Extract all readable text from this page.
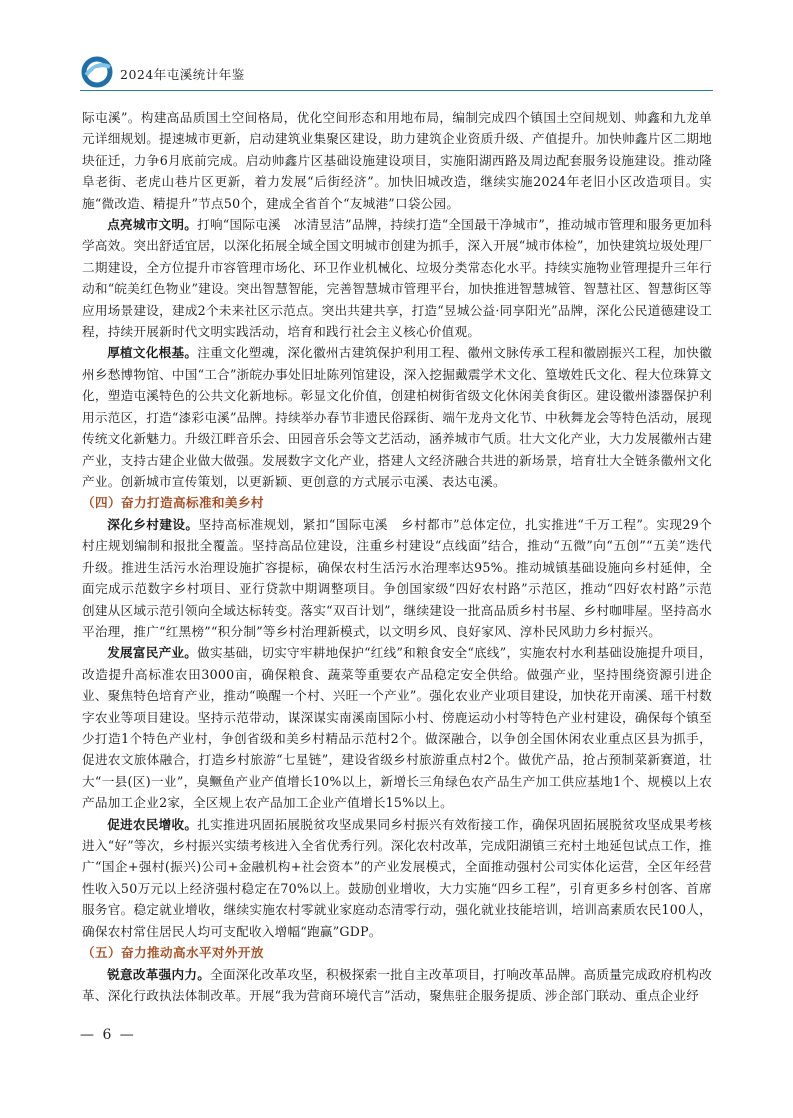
2024年屯溪统计年鉴

际屯溪”。构建高品质国土空间格局，优化空间形态和用地布局，编制完成四个镇国土空间规划、帅鑫和九龙单元详细规划。提速城市更新，启动建筑业集聚区建设，助力建筑企业资质升级、产值提升。加快帅鑫片区二期地块征迁，力争6月底前完成。启动帅鑫片区基础设施建设项目，实施阳湖西路及周边配套服务设施建设。推动隆阜老街、老虎山巷片区更新，着力发展“后街经济”。加快旧城改造，继续实施2024年老旧小区改造项目。实施“微改造、精提升”节点50个，建成全省首个“友城港”口袋公园。

点亮城市文明。打响“国际屯溪　冰清昱洁”品牌，持续打造“全国最干净城市”，推动城市管理和服务更加科学高效。突出舒适宜居，以深化拓展全域全国文明城市创建为抓手，深入开展“城市体检”，加快建筑垃圾处理厂二期建设，全方位提升市容管理市场化、环卫作业机械化、垃圾分类常态化水平。持续实施物业管理提升三年行动和“皖美红色物业”建设。突出智慧智能，完善智慧城市管理平台，加快推进智慧城管、智慧社区、智慧街区等应用场景建设，建成2个未来社区示范点。突出共建共享，打造“昱城公益·同享阳光”品牌，深化公民道德建设工程，持续开展新时代文明实践活动，培育和践行社会主义核心价值观。

厚植文化根基。注重文化塑魂，深化徽州古建筑保护利用工程、徽州文脉传承工程和徽剧振兴工程，加快徽州乡愁博物馆、中国“工合”浙皖办事处旧址陈列馆建设，深入挖掘戴震学术文化、篁墩姓氏文化、程大位珠算文化，塑造屯溪特色的公共文化新地标。彰显文化价值，创建柏树街省级文化休闲美食街区。建设徽州漆器保护利用示范区，打造“漆彩屯溪”品牌。持续举办春节非遗民俗踩街、端午龙舟文化节、中秋舞龙会等特色活动，展现传统文化新魅力。升级江畔音乐会、田园音乐会等文艺活动，涵养城市气质。壮大文化产业，大力发展徽州古建产业，支持古建企业做大做强。发展数字文化产业，搭建人文经济融合共进的新场景，培育壮大全链条徽州文化产业。创新城市宣传策划，以更新颖、更创意的方式展示屯溪、表达屯溪。

（四）奋力打造高标准和美乡村

深化乡村建设。坚持高标准规划，紧扣“国际屯溪　乡村都市”总体定位，扎实推进“千万工程”。实现29个村庄规划编制和报批全覆盖。坚持高品位建设，注重乡村建设“点线面”结合，推动“五微”向“五创”“五美”迭代升级。推进生活污水治理设施扩容提标，确保农村生活污水治理率达95%。推动城镇基础设施向乡村延伸，全面完成示范数字乡村项目、亚行贷款中期调整项目。争创国家级“四好农村路”示范区，推动“四好农村路”示范创建从区域示范引领向全域达标转变。落实“双百计划”，继续建设一批高品质乡村书屋、乡村咖啡屋。坚持高水平治理，推广“红黑榜”“积分制”等乡村治理新模式，以文明乡风、良好家风、淳朴民风助力乡村振兴。

发展富民产业。做实基础，切实守牢耕地保护“红线”和粮食安全“底线”，实施农村水利基础设施提升项目，改造提升高标准农田3000亩，确保粮食、蔬菜等重要农产品稳定安全供给。做强产业，坚持围绕资源引进企业、聚焦特色培育产业，推动“唤醒一个村、兴旺一个产业”。强化农业产业项目建设，加快花开南溪、瑶干村数字农业等项目建设。坚持示范带动，谋深谋实南溪南国际小村、傍鹿运动小村等特色产业村建设，确保每个镇至少打造1个特色产业村，争创省级和美乡村精品示范村2个。做深融合，以争创全国休闲农业重点区县为抓手，促进农文旅体融合，打造乡村旅游“七星链”，建设省级乡村旅游重点村2个。做优产品，抢占预制菜新赛道，壮大“一县(区)一业”，臭鳜鱼产业产值增长10%以上，新增长三角绿色农产品生产加工供应基地1个、规模以上农产品加工企业2家，全区规上农产品加工企业产值增长15%以上。

促进农民增收。扎实推进巩固拓展脱贫攻坚成果同乡村振兴有效衔接工作，确保巩固拓展脱贫攻坚成果考核进入“好”等次，乡村振兴实绩考核进入全省优秀行列。深化农村改革，完成阳湖镇三充村土地延包试点工作，推广“国企+强村(振兴)公司+金融机构+社会资本”的产业发展模式，全面推动强村公司实体化运营，全区年经营性收入50万元以上经济强村稳定在70%以上。鼓励创业增收，大力实施“四乡工程”，引育更多乡村创客、首席服务官。稳定就业增收，继续实施农村零就业家庭动态清零行动，强化就业技能培训，培训高素质农民100人，确保农村常住居民人均可支配收入增幅“跑赢”GDP。

（五）奋力推动高水平对外开放

锐意改革强内力。全面深化改革攻坚，积极探索一批自主改革项目，打响改革品牌。高质量完成政府机构改革、深化行政执法体制改革。开展“我为营商环境代言”活动，聚焦驻企服务提质、涉企部门联动、重点企业纾

— 6 —
